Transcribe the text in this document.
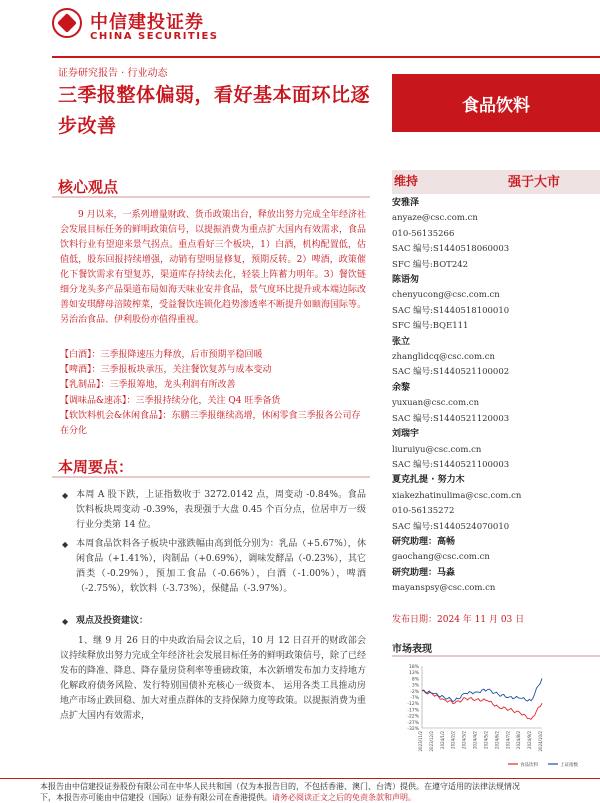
中信建投证券
CHINA SECURITIES
证券研究报告 · 行业动态
三季报整体偏弱，看好基本面环比逐步改善
食品饮料
核心观点
9 月以来，一系列增量财政、货币政策出台，释放出努力完成全年经济社会发展目标任务的鲜明政策信号，以提振消费为重点扩大国内有效需求，食品饮料行业有望迎来景气拐点。重点看好三个板块，1）白酒，机构配置低，估值低，股东回报持续增强，动销有望明显修复，预期反转。2）啤酒，政策催化下餐饮需求有望复苏，渠道库存持续去化，轻装上阵蓄力明年。3）餐饮链细分龙头多产品渠道布局如海天味业安井食品，景气度环比提升或本端边际改善如安琪酵母涪陵榨菜，受益餐饮连锁化趋势渗透率不断提升如颐海国际等。另治治食品、伊利股份亦值得重视。
【白酒】：三季报降速压力释放，后市预期平稳回暖
【啤酒】：三季报板块承压，关注餐饮复苏与成本变动
【乳制品】：三季报筹地，龙头利润有所改善
【调味品&速冻】：三季报持续分化，关注 Q4 旺季备货
【软饮料机会&休闲食品】：东鹏三季报继续高增，休闲零食三季报各公司存在分化
本周要点：
◆ 本周 A 股下跌，上证指数收于 3272.0142 点，周变动 -0.84%。食品饮料板块周变动 -0.39%，表现强于大盘 0.45 个百分点，位居申万一级行业分类第 14 位。
◆ 本周食品饮料各子板块中涨跌幅由高到低分别为：乳品（+5.67%），休闲食品（+1.41%），肉制品（+0.69%），调味发酵品（-0.23%），其它酒类（-0.29%），预加工食品（-0.66%），白酒（-1.00%），啤酒（-2.75%），软饮料（-3.73%），保健品（-3.97%）。
◆ 观点及投资建议：
1、继 9 月 26 日的中央政治局会议之后，10 月 12 日召开的财政部会议持续释放出努力完成全年经济社会发展目标任务的鲜明政策信号，除了已经发布的降准、降息、降存量房贷利率等重磅政策，本次新增发布加力支持地方化解政府债务风险、发行特别国债补充核心一级资本、 运用各类工具推动房地产市场止跌回稳、加大对重点群体的支持保障力度等政策。以提振消费为重点扩大国内有效需求，
维持	强于大市
安雅泽
anyaze@csc.com.cn
010-56135266
SAC 编号:S1440518060003
SFC 编号:BOT242
陈语匆
chenyucong@csc.com.cn
SAC 编号:S1440518100010
SFC 编号:BQE111
张立
zhanglidcq@csc.com.cn
SAC 编号:S1440521100002
余黎
yuxuan@csc.com.cn
SAC 编号:S1440521120003
刘瑞宇
liuruiyu@csc.com.cn
SAC 编号:S1440521100003
夏克扎提 · 努力木
xiakezhatinulima@csc.com.cn
010-56135272
SAC 编号:S1440524070010
研究助理：高畅
gaochang@csc.com.cn
研究助理：马淼
mayanspsy@csc.com.cn
发布日期：2024 年 11 月 03 日
市场表现
18%
13%
8%
3%
-2%
-7%
-12%
-17%
-22%
-27%
-32%
2023/11/2 2023/12/2 2024/1/2 2024/2/2 2024/3/2 2024/4/2 2024/5/2 2024/6/2 2024/7/2 2024/8/2 2024/9/2 2024/10/2
食品饮料	上证指数
本报告由中信建投证券股份有限公司在中华人民共和国（仅为本报告目的，不包括香港、澳门、台湾）提供。在遵守适用的法律法规情况
下，本报告亦可能由中信建投（国际）证券有限公司在香港提供。请务必阅读正文之后的免责条款和声明。
